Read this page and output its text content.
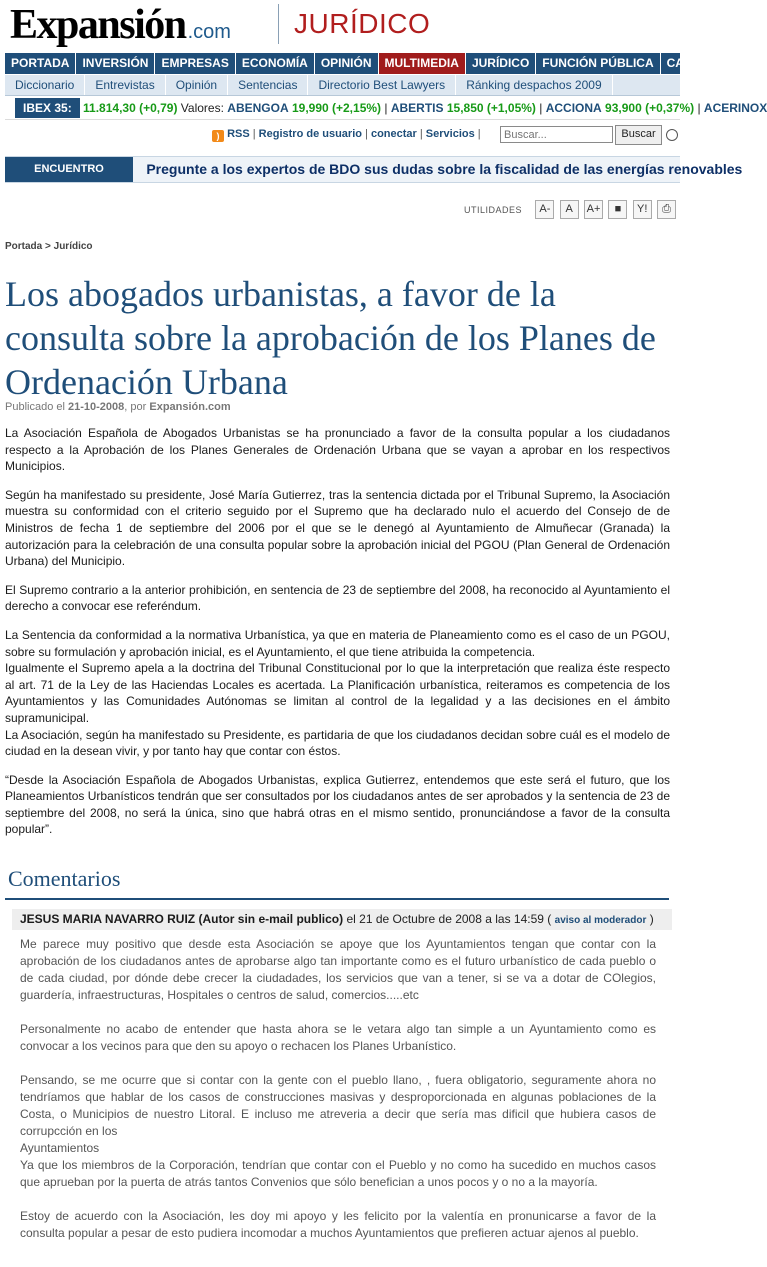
Expansión .com JURÍDICO
PORTADA	INVERSIÓN	EMPRESAS	ECONOMÍA	OPINIÓN	MULTIMEDIA	JURÍDICO	FUNCIÓN PÚBLICA	CATALUNYA
Diccionario	Entrevistas	Opinión	Sentencias	Directorio Best Lawyers	Ránking despachos 2009
IBEX 35: 11.814,30 (+0,79) Valores: ABENGOA 19,990 (+2,15%) | ABERTIS 15,850 (+1,05%) | ACCIONA 93,900 (+0,37%) | ACERINOX
) RSS | Registro de usuario | conectar | Servicios |
Buscar...	Buscar
ENCUENTRO	Pregunte a los expertos de BDO sus dudas sobre la fiscalidad de las energías renovables
UTILIDADES A- A A+ ■ Y! ⎙
Portada > Jurídico
Los abogados urbanistas, a favor de la consulta sobre la aprobación de los Planes de Ordenación Urbana
Publicado el 21-10-2008, por Expansión.com

La Asociación Española de Abogados Urbanistas se ha pronunciado a favor de la consulta popular a los ciudadanos respecto a la Aprobación de los Planes Generales de Ordenación Urbana que se vayan a aprobar en los respectivos Municipios.

Según ha manifestado su presidente, José María Gutierrez, tras la sentencia dictada por el Tribunal Supremo, la Asociación muestra su conformidad con el criterio seguido por el Supremo que ha declarado nulo el acuerdo del Consejo de de Ministros de fecha 1 de septiembre del 2006 por el que se le denegó al Ayuntamiento de Almuñecar (Granada) la autorización para la celebración de una consulta popular sobre la aprobación inicial del PGOU (Plan General de Ordenación Urbana) del Municipio.

El Supremo contrario a la anterior prohibición, en sentencia de 23 de septiembre del 2008, ha reconocido al Ayuntamiento el derecho a convocar ese referéndum.

La Sentencia da conformidad a la normativa Urbanística, ya que en materia de Planeamiento como es el caso de un PGOU, sobre su formulación y aprobación inicial, es el Ayuntamiento, el que tiene atribuida la competencia.

Igualmente el Supremo apela a la doctrina del Tribunal Constitucional por lo que la interpretación que realiza éste respecto al art. 71 de la Ley de las Haciendas Locales es acertada. La Planificación urbanística, reiteramos es competencia de los Ayuntamientos y las Comunidades Autónomas se limitan al control de la legalidad y a las decisiones en el ámbito supramunicipal.

La Asociación, según ha manifestado su Presidente, es partidaria de que los ciudadanos decidan sobre cuál es el modelo de ciudad en la desean vivir, y por tanto hay que contar con éstos.

“Desde la Asociación Española de Abogados Urbanistas, explica Gutierrez, entendemos que este será el futuro, que los Planeamientos Urbanísticos tendrán que ser consultados por los ciudadanos antes de ser aprobados y la sentencia de 23 de septiembre del 2008, no será la única, sino que habrá otras en el mismo sentido, pronunciándose a favor de la consulta popular”.

Comentarios
JESUS MARIA NAVARRO RUIZ (Autor sin e-mail publico) el 21 de Octubre de 2008 a las 14:59 ( aviso al moderador )

Me parece muy positivo que desde esta Asociación se apoye que los Ayuntamientos tengan que contar con la aprobación de los ciudadanos antes de aprobarse algo tan importante como es el futuro urbanístico de cada pueblo o de cada ciudad, por dónde debe crecer la ciudadades, los servicios que van a tener, si se va a dotar de COlegios, guardería, infraestructuras, Hospitales o centros de salud, comercios.....etc

Personalmente no acabo de entender que hasta ahora se le vetara algo tan simple a un Ayuntamiento como es convocar a los vecinos para que den su apoyo o rechacen los Planes Urbanístico.

Pensando, se me ocurre que si contar con la gente con el pueblo llano, , fuera obligatorio, seguramente ahora no tendríamos que hablar de los casos de construcciones masivas y desproporcionada en algunas poblaciones de la Costa, o Municipios de nuestro Litoral. E incluso me atreveria a decir que sería mas dificil que hubiera casos de corrupcción en los

Ayuntamientos

Ya que los miembros de la Corporación, tendrían que contar con el Pueblo y no como ha sucedido en muchos casos que aprueban por la puerta de atrás tantos Convenios que sólo benefician a unos pocos y o no a la mayoría.

Estoy de acuerdo con la Asociación, les doy mi apoyo y les felicito por la valentía en pronunicarse a favor de la consulta popular a pesar de esto pudiera incomodar a muchos Ayuntamientos que prefieren actuar ajenos al pueblo.
